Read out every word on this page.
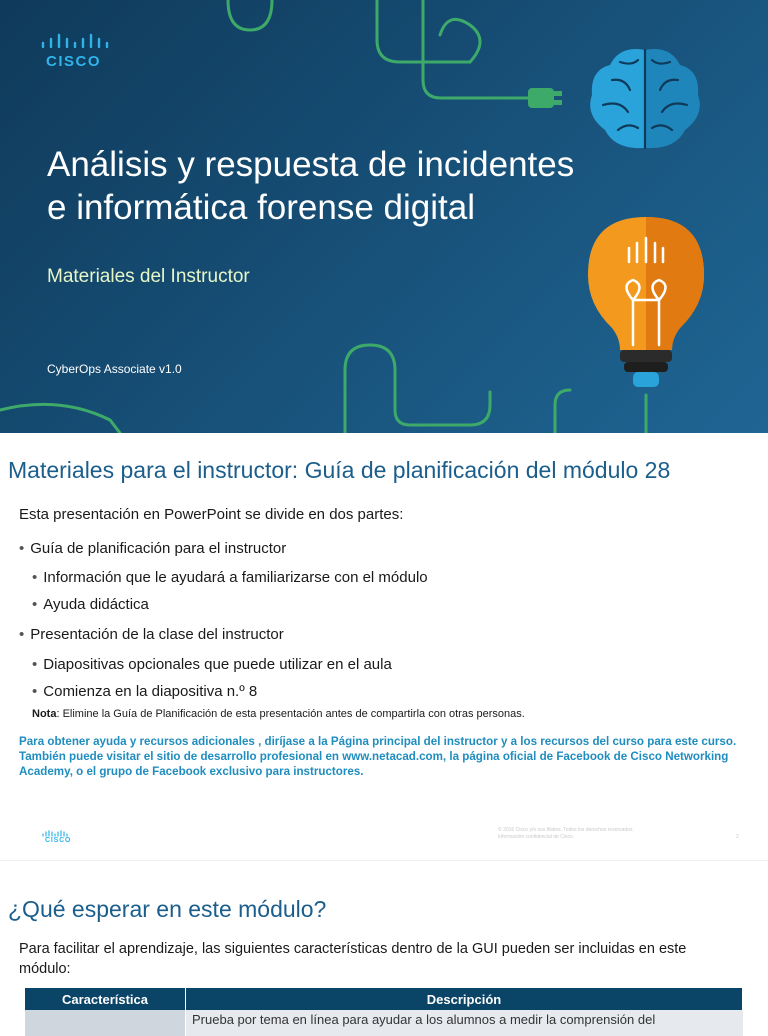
CISCO
Análisis y respuesta de incidentes
e informática forense digital
Materiales del Instructor
CyberOps Associate v1.0
Materiales para el instructor: Guía de planificación del módulo 28
Esta presentación en PowerPoint se divide en dos partes:
• Guía de planificación para el instructor
• Información que le ayudará a familiarizarse con el módulo
• Ayuda didáctica
• Presentación de la clase del instructor
• Diapositivas opcionales que puede utilizar en el aula
• Comienza en la diapositiva n.º 8
Nota: Elimine la Guía de Planificación de esta presentación antes de compartirla con otras personas.
Para obtener ayuda y recursos adicionales , diríjase a la Página principal del instructor y a los recursos del curso para este curso. También puede visitar el sitio de desarrollo profesional en www.netacad.com, la página oficial de Facebook de Cisco Networking Academy, o el grupo de Facebook exclusivo para instructores.
CISCO
© 2016 Cisco y/o sus filiales. Todos los derechos reservados.
Información confidencial de Cisco.	2
¿Qué esperar en este módulo?
Para facilitar el aprendizaje, las siguientes características dentro de la GUI pueden ser incluidas en este módulo:
Característica	Descripción
	Prueba por tema en línea para ayudar a los alumnos a medir la comprensión del
